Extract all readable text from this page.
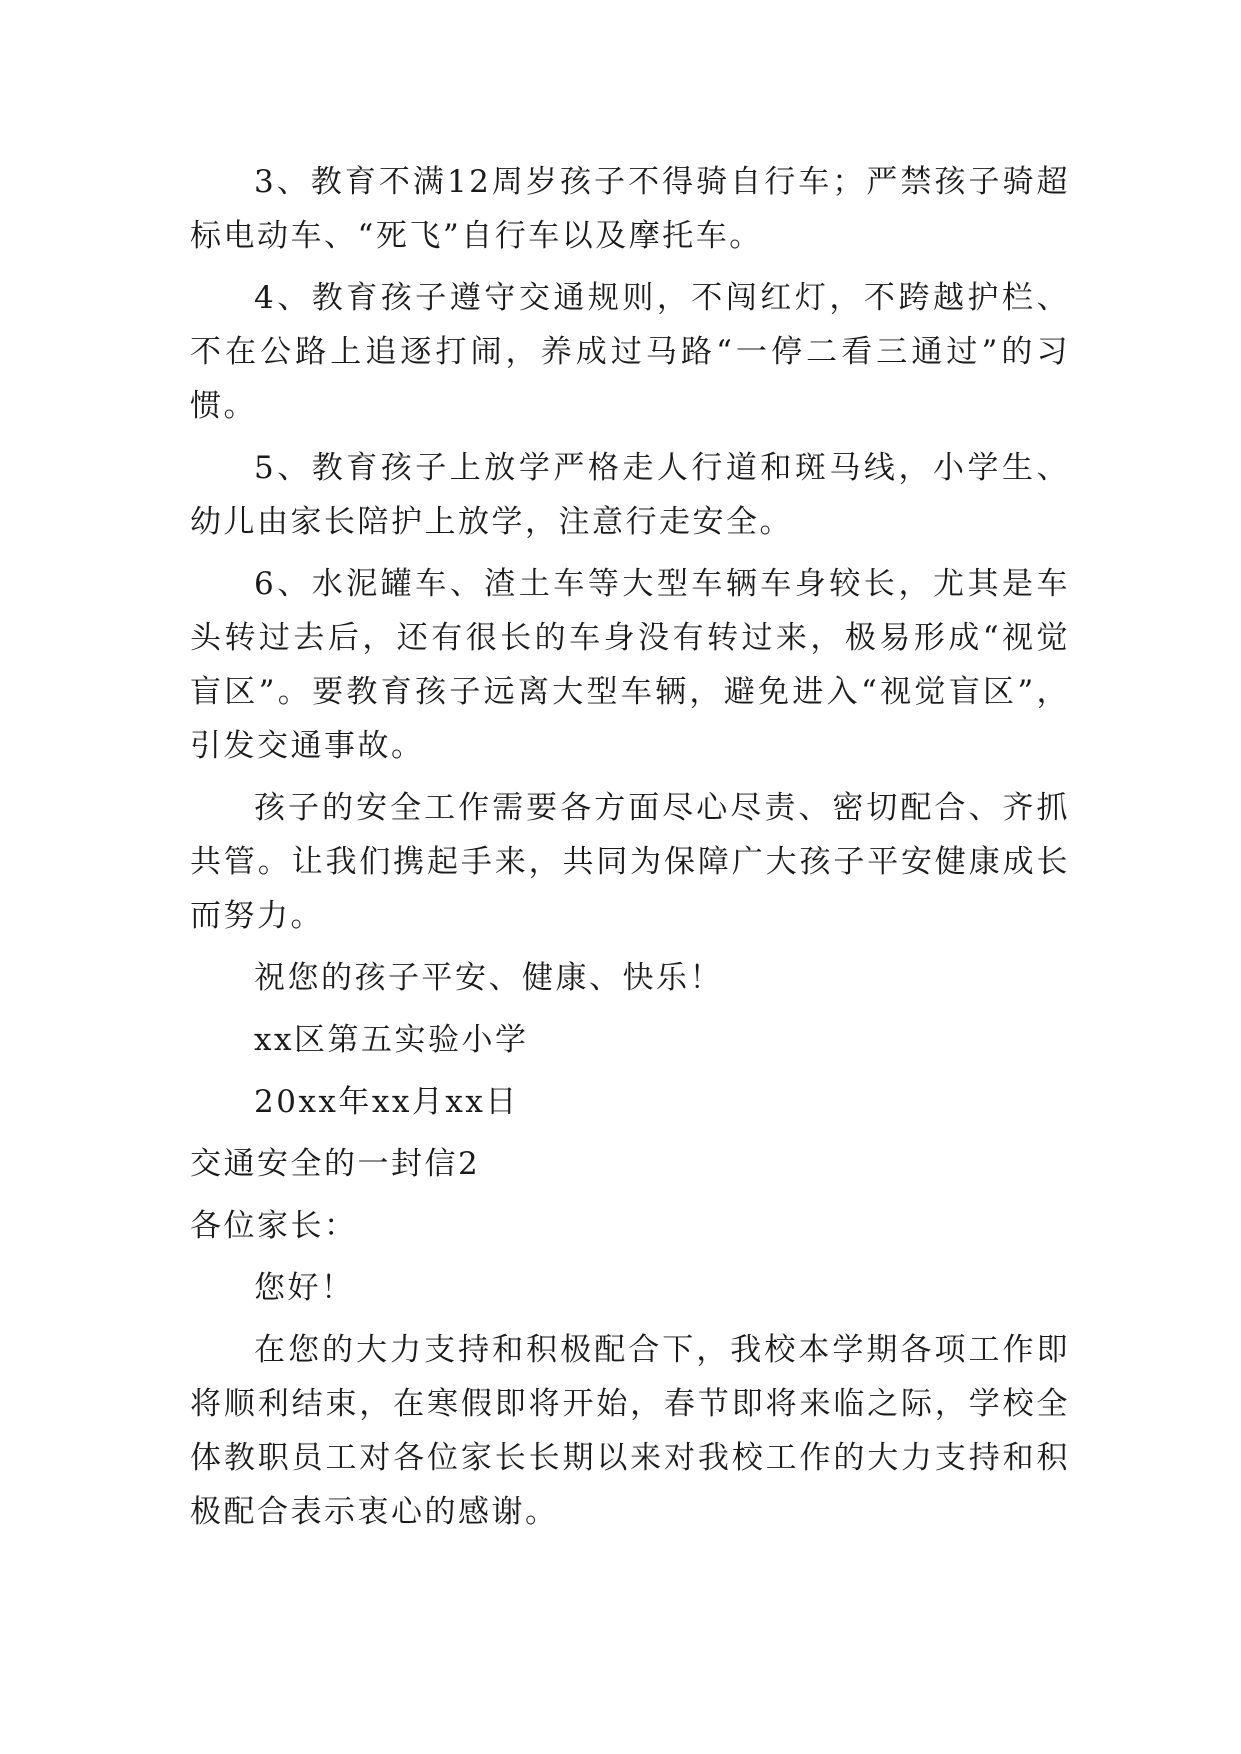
3、教育不满12周岁孩子不得骑自行车；严禁孩子骑超标电动车、“死飞”自行车以及摩托车。

4、教育孩子遵守交通规则，不闯红灯，不跨越护栏、不在公路上追逐打闹，养成过马路“一停二看三通过”的习惯。

5、教育孩子上放学严格走人行道和斑马线，小学生、幼儿由家长陪护上放学，注意行走安全。

6、水泥罐车、渣土车等大型车辆车身较长，尤其是车头转过去后，还有很长的车身没有转过来，极易形成“视觉盲区”。要教育孩子远离大型车辆，避免进入“视觉盲区”，引发交通事故。

孩子的安全工作需要各方面尽心尽责、密切配合、齐抓共管。让我们携起手来，共同为保障广大孩子平安健康成长而努力。

祝您的孩子平安、健康、快乐！

xx区第五实验小学

20xx年xx月xx日

交通安全的一封信2

各位家长：

您好！

在您的大力支持和积极配合下，我校本学期各项工作即将顺利结束，在寒假即将开始，春节即将来临之际，学校全体教职员工对各位家长长期以来对我校工作的大力支持和积极配合表示衷心的感谢。
